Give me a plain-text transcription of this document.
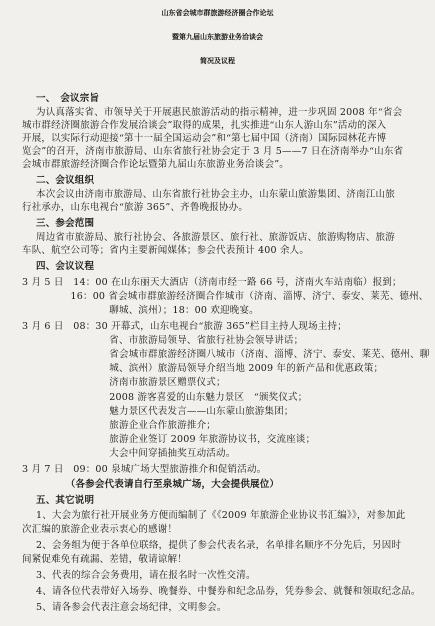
山东省会城市群旅游经济圈合作论坛
暨第九届山东旅游业务洽谈会
简况及议程
一、　会议宗旨
为认真落实省、市领导关于开展惠民旅游活动的指示精神，进一步巩固 2008 年“省会
城市群经济圈旅游合作发展洽谈会”取得的成果，扎实推进“山东人游山东”活动的深入
开展，以实际行动迎接“第十一届全国运动会”和“第七届中国（济南）国际园林花卉博
览会”的召开，济南市旅游局、山东省旅行社协会定于 3 月 5——7 日在济南举办“山东省
会城市群旅游经济圈合作论坛暨第九届山东旅游业务洽谈会”。
二、会议组织
本次会议由济南市旅游局、山东省旅行社协会主办，山东蒙山旅游集团、济南江山旅
行社承办，山东电视台“旅游 365”、齐鲁晚报协办。
三、参会范围
周边省市旅游局、旅行社协会、各旅游景区、旅行社、旅游饭店、旅游购物店、旅游
车队、航空公司等；省内主要新闻媒体；参会代表预计 400 余人。
四、会议议程
3 月 5 日　14：00 在山东丽天大酒店（济南市经一路 66 号，济南火车站南临）报到；
　　　　　16：00 省会城市群旅游经济圈合作城市（济南、淄博、济宁、泰安、莱芜、德州、
　　　　　　　　　聊城、滨州）；18：00 欢迎晚宴。
3 月 6 日　08：30 开幕式，山东电视台“旅游 365”栏目主持人现场主持；
　　　　　　　　　省、市旅游局领导、省旅行社协会领导讲话；
　　　　　　　　　省会城市群旅游经济圈八城市（济南、淄博、济宁、泰安、莱芜、德州、聊
　　　　　　　　　城、滨州）旅游局领导介绍当地 2009 年的新产品和优惠政策；
　　　　　　　　　济南市旅游景区赠票仪式；
　　　　　　　　　2008 游客喜爱的山东魅力景区　“颁奖仪式；
　　　　　　　　　魅力景区代表发言——山东蒙山旅游集团；
　　　　　　　　　旅游企业合作旅游推介；
　　　　　　　　　旅游企业签订 2009 年旅游协议书，交流座谈；
　　　　　　　　　大会中间穿插抽奖互动活动。
3 月 7 日　09：00 泉城广场大型旅游推介和促销活动。
　　　　　（各参会代表请自行至泉城广场，大会提供展位）
五、其它说明
1、大会为旅行社开展业务方便而编制了《《2009 年旅游企业协议书汇编》》，对参加此
次汇编的旅游企业表示衷心的感谢！
2、会务组为便于各单位联络，提供了参会代表名录，名单排名顺序不分先后，另因时
间紧促难免有疏漏、差错，敬请谅解！
3、代表的综合会务费用，请在报名时一次性交清。
4、请各位代表带好入场券、晚餐券、中餐券和纪念品券，凭券参会、就餐和领取纪念品。
5、请各参会代表注意会场纪律，文明参会。
